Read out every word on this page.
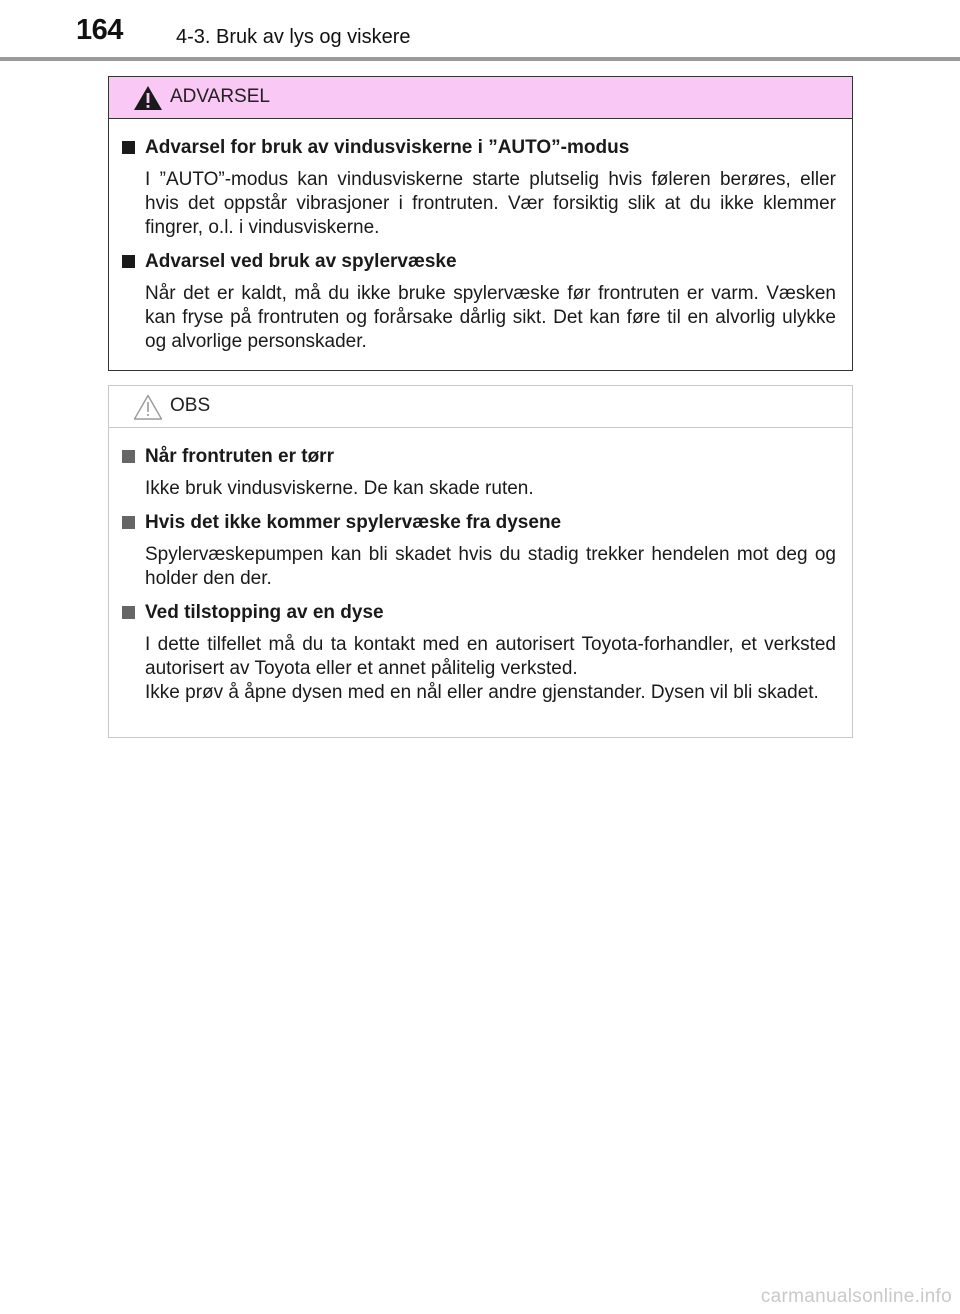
164	4-3. Bruk av lys og viskere
ADVARSEL
Advarsel for bruk av vindusviskerne i ”AUTO”-modus

I ”AUTO”-modus kan vindusviskerne starte plutselig hvis føleren berøres, eller hvis det oppstår vibrasjoner i frontruten. Vær forsiktig slik at du ikke klemmer fingrer, o.l. i vindusviskerne.

Advarsel ved bruk av spylervæske

Når det er kaldt, må du ikke bruke spylervæske før frontruten er varm. Væsken kan fryse på frontruten og forårsake dårlig sikt. Det kan føre til en alvorlig ulykke og alvorlige personskader.

OBS
Når frontruten er tørr

Ikke bruk vindusviskerne. De kan skade ruten.

Hvis det ikke kommer spylervæske fra dysene

Spylervæskepumpen kan bli skadet hvis du stadig trekker hendelen mot deg og holder den der.

Ved tilstopping av en dyse

I dette tilfellet må du ta kontakt med en autorisert Toyota-forhandler, et verksted autorisert av Toyota eller et annet pålitelig verksted.

Ikke prøv å åpne dysen med en nål eller andre gjenstander. Dysen vil bli skadet.

carmanualsonline.info
